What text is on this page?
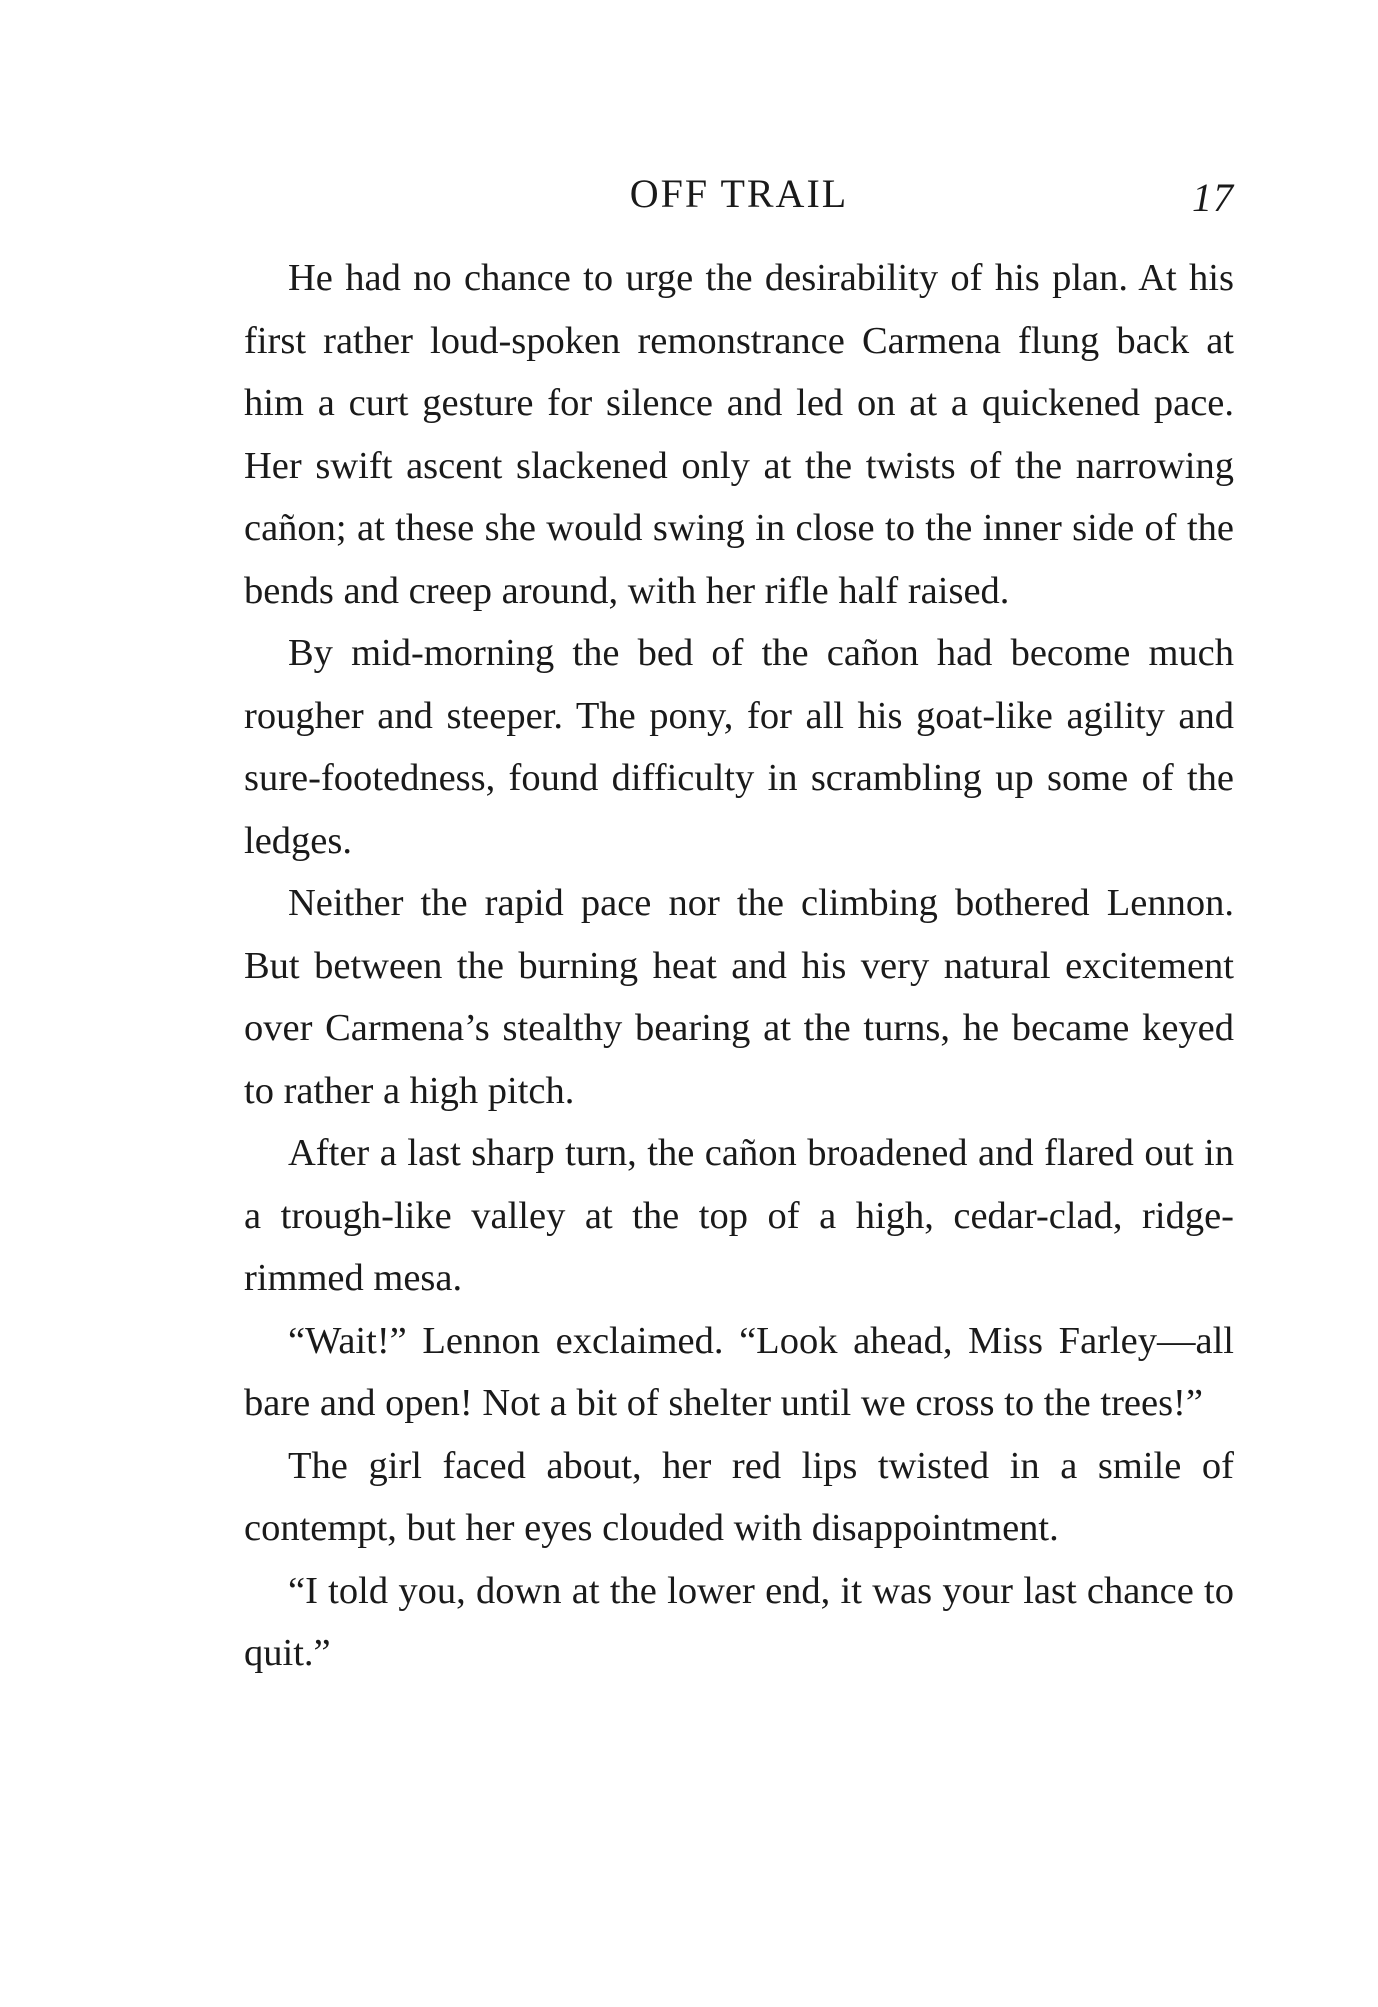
OFF TRAIL	17

He had no chance to urge the desirability of his plan. At his first rather loud-spoken remonstrance Carmena flung back at him a curt gesture for silence and led on at a quickened pace. Her swift ascent slackened only at the twists of the narrowing cañon; at these she would swing in close to the inner side of the bends and creep around, with her rifle half raised.

By mid-morning the bed of the cañon had become much rougher and steeper. The pony, for all his goat-like agility and sure-footedness, found difficulty in scrambling up some of the ledges.

Neither the rapid pace nor the climbing bothered Lennon. But between the burning heat and his very natural excitement over Carmena’s stealthy bearing at the turns, he became keyed to rather a high pitch.

After a last sharp turn, the cañon broadened and flared out in a trough-like valley at the top of a high, cedar-clad, ridge-rimmed mesa.

“Wait!” Lennon exclaimed. “Look ahead, Miss Farley—all bare and open! Not a bit of shelter until we cross to the trees!”

The girl faced about, her red lips twisted in a smile of contempt, but her eyes clouded with disappointment.

“I told you, down at the lower end, it was your last chance to quit.”
